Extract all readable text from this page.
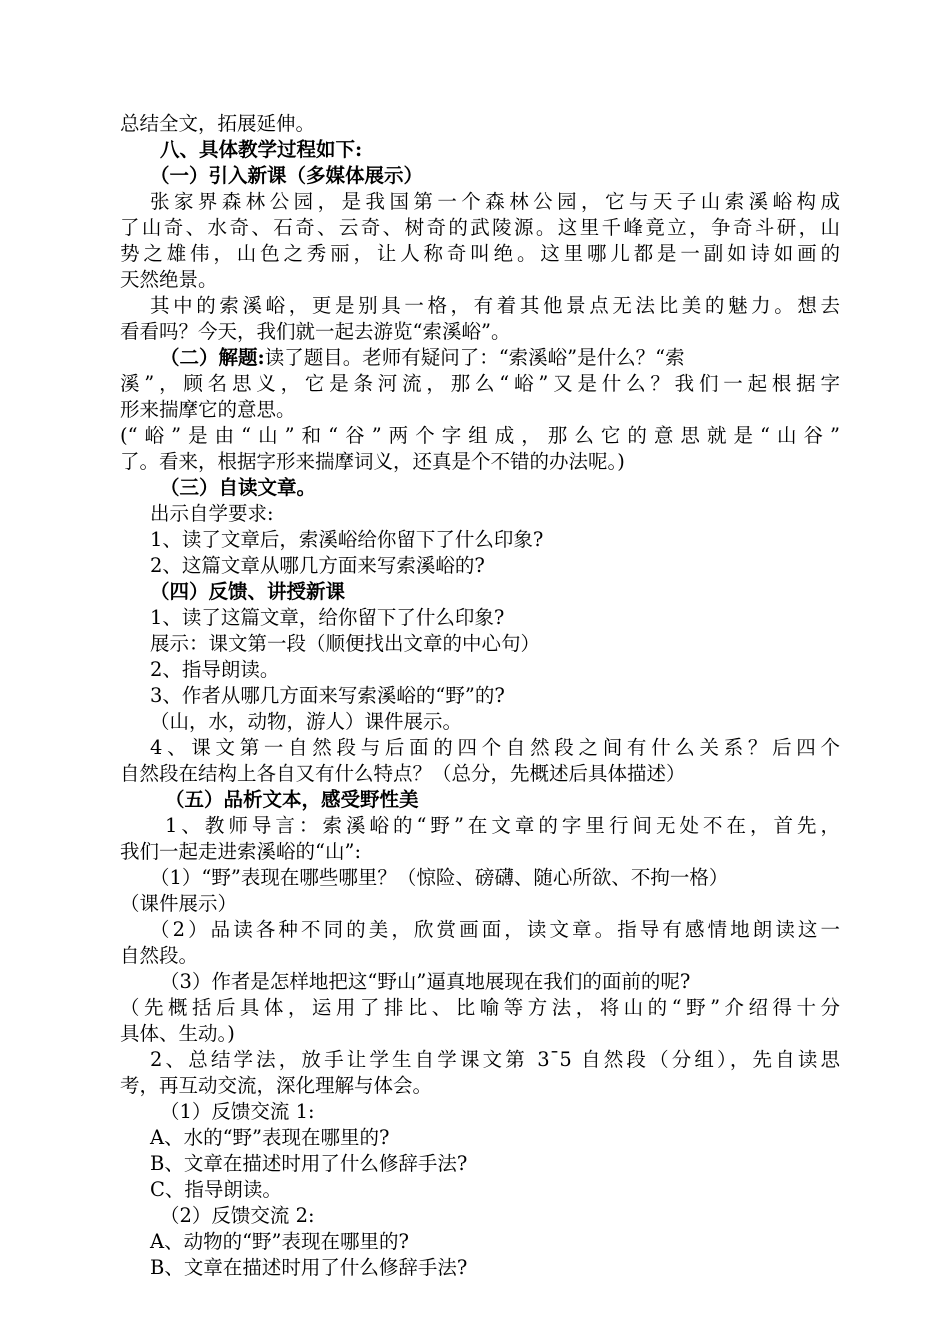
总结全文，拓展延伸。
八、具体教学过程如下:
（一）引入新课（多媒体展示）
张家界森林公园，是我国第一个森林公园，它与天子山索溪峪构成
了山奇、水奇、石奇、云奇、树奇的武陵源。这里千峰竟立，争奇斗研，山
势之雄伟，山色之秀丽，让人称奇叫绝。这里哪儿都是一副如诗如画的
天然绝景。
其中的索溪峪，更是别具一格，有着其他景点无法比美的魅力。想去
看看吗？今天，我们就一起去游览“索溪峪”。
（二）解题:读了题目。老师有疑问了：“索溪峪”是什么？“索
溪”，顾名思义，它是条河流，那么“峪”又是什么？我们一起根据字
形来揣摩它的意思。
(“峪”是由“山”和“谷”两个字组成，那么它的意思就是“山谷”
了。看来，根据字形来揣摩词义，还真是个不错的办法呢。)
（三）自读文章。
出示自学要求:
1、读了文章后，索溪峪给你留下了什么印象?
2、这篇文章从哪几方面来写索溪峪的?
（四）反馈、讲授新课
1、读了这篇文章，给你留下了什么印象?
展示：课文第一段（顺便找出文章的中心句）
2、指导朗读。
3、作者从哪几方面来写索溪峪的“野”的?
（山，水，动物，游人）课件展示。
4、课文第一自然段与后面的四个自然段之间有什么关系？后四个
自然段在结构上各自又有什么特点？（总分，先概述后具体描述）
（五）品析文本，感受野性美
1、教师导言：索溪峪的“野”在文章的字里行间无处不在，首先，
我们一起走进索溪峪的“山”:
（1）“野”表现在哪些哪里？（惊险、磅礴、随心所欲、不拘一格）
（课件展示）
（2）品读各种不同的美，欣赏画面，读文章。指导有感情地朗读这一
自然段。
（3）作者是怎样地把这“野山”逼真地展现在我们的面前的呢?
（先概括后具体，运用了排比、比喻等方法，将山的“野”介绍得十分
具体、生动。)
2、总结学法，放手让学生自学课文第 3¯5 自然段（分组），先自读思
考，再互动交流，深化理解与体会。
（1）反馈交流 1:
A、水的“野”表现在哪里的?
B、文章在描述时用了什么修辞手法?
C、指导朗读。
（2）反馈交流 2:
A、动物的“野”表现在哪里的?
B、文章在描述时用了什么修辞手法?
